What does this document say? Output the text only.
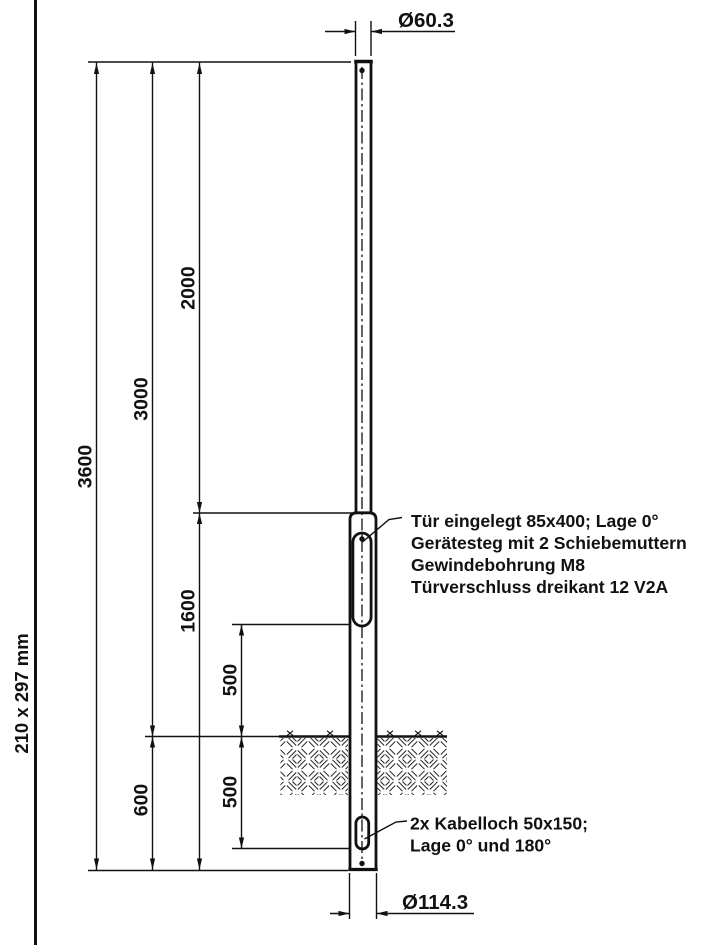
210 x 297 mm
3600
3000
2000
1600
600
500
500
Ø60.3
Tür eingelegt 85x400; Lage 0°
Gerätesteg mit 2 Schiebemuttern
Gewindebohrung M8
Türverschluss dreikant 12 V2A
2x Kabelloch 50x150;
Lage 0° und 180°
Ø114.3
